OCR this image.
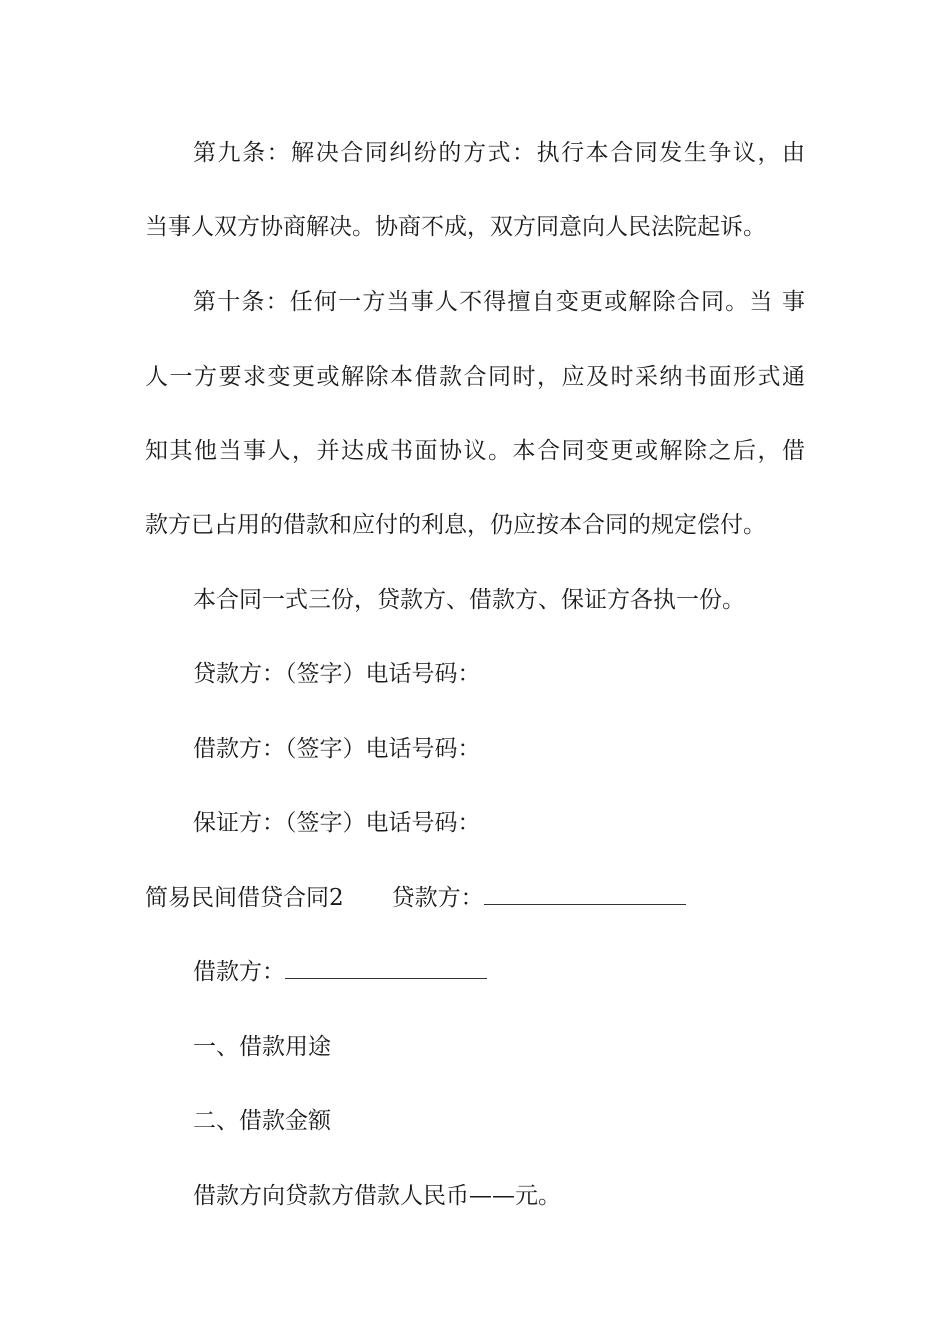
第九条：解决合同纠纷的方式：执行本合同发生争议，由
当事人双方协商解决。协商不成，双方同意向人民法院起诉。
第十条：任何一方当事人不得擅自变更或解除合同。当 事
人一方要求变更或解除本借款合同时，应及时采纳书面形式通
知其他当事人，并达成书面协议。本合同变更或解除之后，借
款方已占用的借款和应付的利息，仍应按本合同的规定偿付。
本合同一式三份，贷款方、借款方、保证方各执一份。
贷款方：（签字）电话号码：
借款方：（签字）电话号码：
保证方：（签字）电话号码：
简易民间借贷合同2 贷款方：
借款方：
一、借款用途
二、借款金额
借款方向贷款方借款人民币——元。
